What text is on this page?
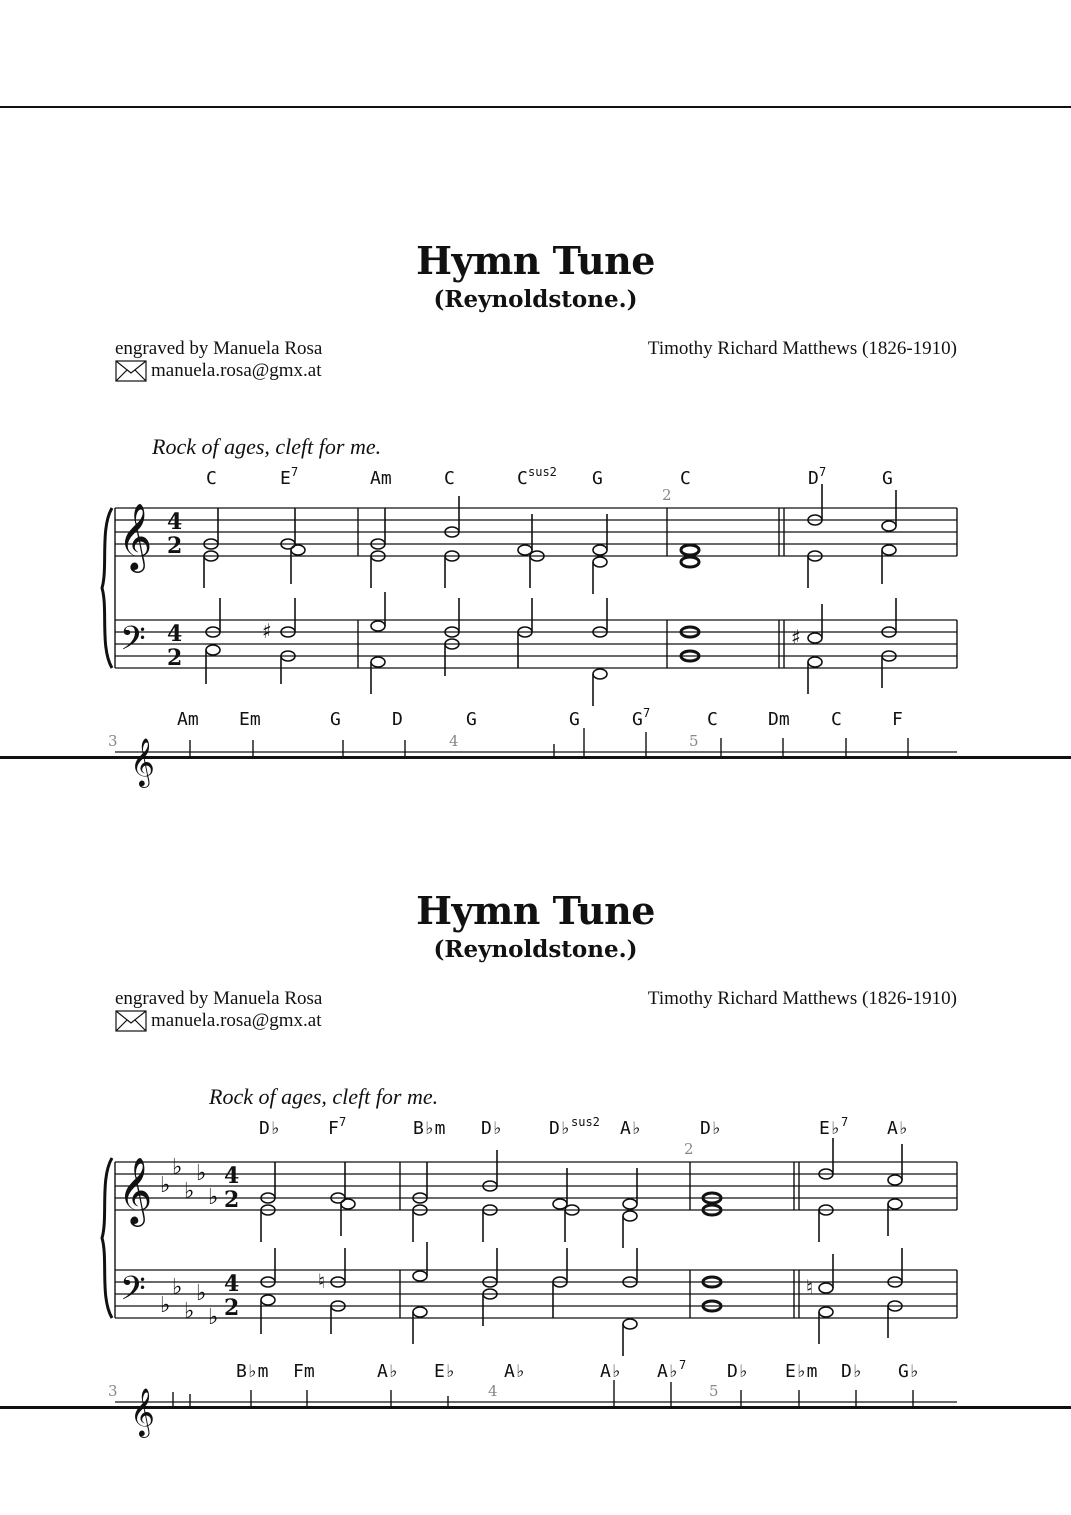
Hymn Tune
(Reynoldstone.)
engraved by Manuela Rosa
manuela.rosa@gmx.at
Timothy Richard Matthews (1826-1910)
Rock of ages, cleft for me.
C	E 7	Am	C	C sus2 G	C	D 7	G
Am Em	G	D	G	G	G 7	C	Dm C	F
𝄞
𝄢
4
2
4
2
♯	♯
𝄞
2
3	4	5
Hymn Tune
(Reynoldstone.)
engraved by Manuela Rosa
manuela.rosa@gmx.at
Timothy Richard Matthews (1826-1910)
Rock of ages, cleft for me.
D♭	F 7	B♭m D♭	D♭ sus2 A♭	D♭	E♭ 7 A♭
B♭m Fm	A♭ E♭	A♭	A♭ A♭ 7 D♭ E♭m D♭ G♭
𝄞
𝄢
♭
♭
♭
♭
♭
♭
♭
♭
♭
♭
4
2
4
2
♮	♮
𝄞
2
3	4	5
